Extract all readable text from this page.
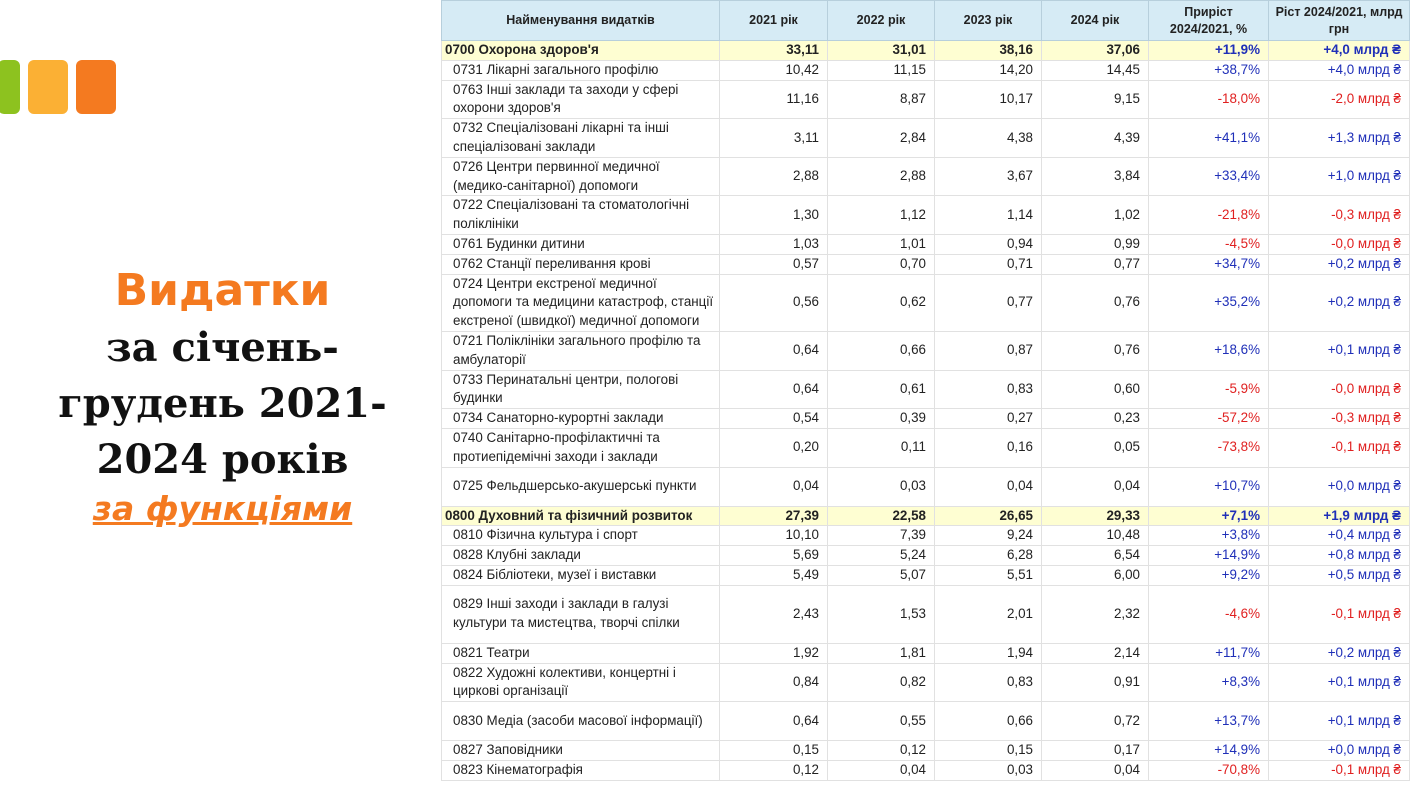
Видатки
за січень-грудень 2021-2024 років
за функціями
Найменування видатків	2021 рік	2022 рік	2023 рік	2024 рік	Приріст 2024/2021, %	Ріст 2024/2021, млрд грн
0700 Охорона здоров'я	33,11	31,01	38,16	37,06	+11,9%	+4,0 млрд ₴
0731 Лікарні загального профілю	10,42	11,15	14,20	14,45	+38,7%	+4,0 млрд ₴
0763 Інші заклади та заходи у сфері охорони здоров'я	11,16	8,87	10,17	9,15	-18,0%	-2,0 млрд ₴
0732 Спеціалізовані лікарні та інші спеціалізовані заклади	3,11	2,84	4,38	4,39	+41,1%	+1,3 млрд ₴
0726 Центри первинної медичної (медико-санітарної) допомоги	2,88	2,88	3,67	3,84	+33,4%	+1,0 млрд ₴
0722 Спеціалізовані та стоматологічні поліклініки	1,30	1,12	1,14	1,02	-21,8%	-0,3 млрд ₴
0761 Будинки дитини	1,03	1,01	0,94	0,99	-4,5%	-0,0 млрд ₴
0762 Станції переливання крові	0,57	0,70	0,71	0,77	+34,7%	+0,2 млрд ₴
0724 Центри екстреної медичної допомоги та медицини катастроф, станції екстреної (швидкої) медичної допомоги	0,56	0,62	0,77	0,76	+35,2%	+0,2 млрд ₴
0721 Поліклініки загального профілю та амбулаторії	0,64	0,66	0,87	0,76	+18,6%	+0,1 млрд ₴
0733 Перинатальні центри, пологові будинки	0,64	0,61	0,83	0,60	-5,9%	-0,0 млрд ₴
0734 Санаторно-курортні заклади	0,54	0,39	0,27	0,23	-57,2%	-0,3 млрд ₴
0740 Санітарно-профілактичні та протиепідемічні заходи і заклади	0,20	0,11	0,16	0,05	-73,8%	-0,1 млрд ₴
0725 Фельдшерсько-акушерські пункти	0,04	0,03	0,04	0,04	+10,7%	+0,0 млрд ₴
0800 Духовний та фізичний розвиток	27,39	22,58	26,65	29,33	+7,1%	+1,9 млрд ₴
0810 Фізична культура і спорт	10,10	7,39	9,24	10,48	+3,8%	+0,4 млрд ₴
0828 Клубні заклади	5,69	5,24	6,28	6,54	+14,9%	+0,8 млрд ₴
0824 Бібліотеки, музеї і виставки	5,49	5,07	5,51	6,00	+9,2%	+0,5 млрд ₴
0829 Інші заходи і заклади в галузі культури та мистецтва, творчі спілки	2,43	1,53	2,01	2,32	-4,6%	-0,1 млрд ₴
0821 Театри	1,92	1,81	1,94	2,14	+11,7%	+0,2 млрд ₴
0822 Художні колективи, концертні і циркові організації	0,84	0,82	0,83	0,91	+8,3%	+0,1 млрд ₴
0830 Медіа (засоби масової інформації)	0,64	0,55	0,66	0,72	+13,7%	+0,1 млрд ₴
0827 Заповідники	0,15	0,12	0,15	0,17	+14,9%	+0,0 млрд ₴
0823 Кінематографія	0,12	0,04	0,03	0,04	-70,8%	-0,1 млрд ₴
